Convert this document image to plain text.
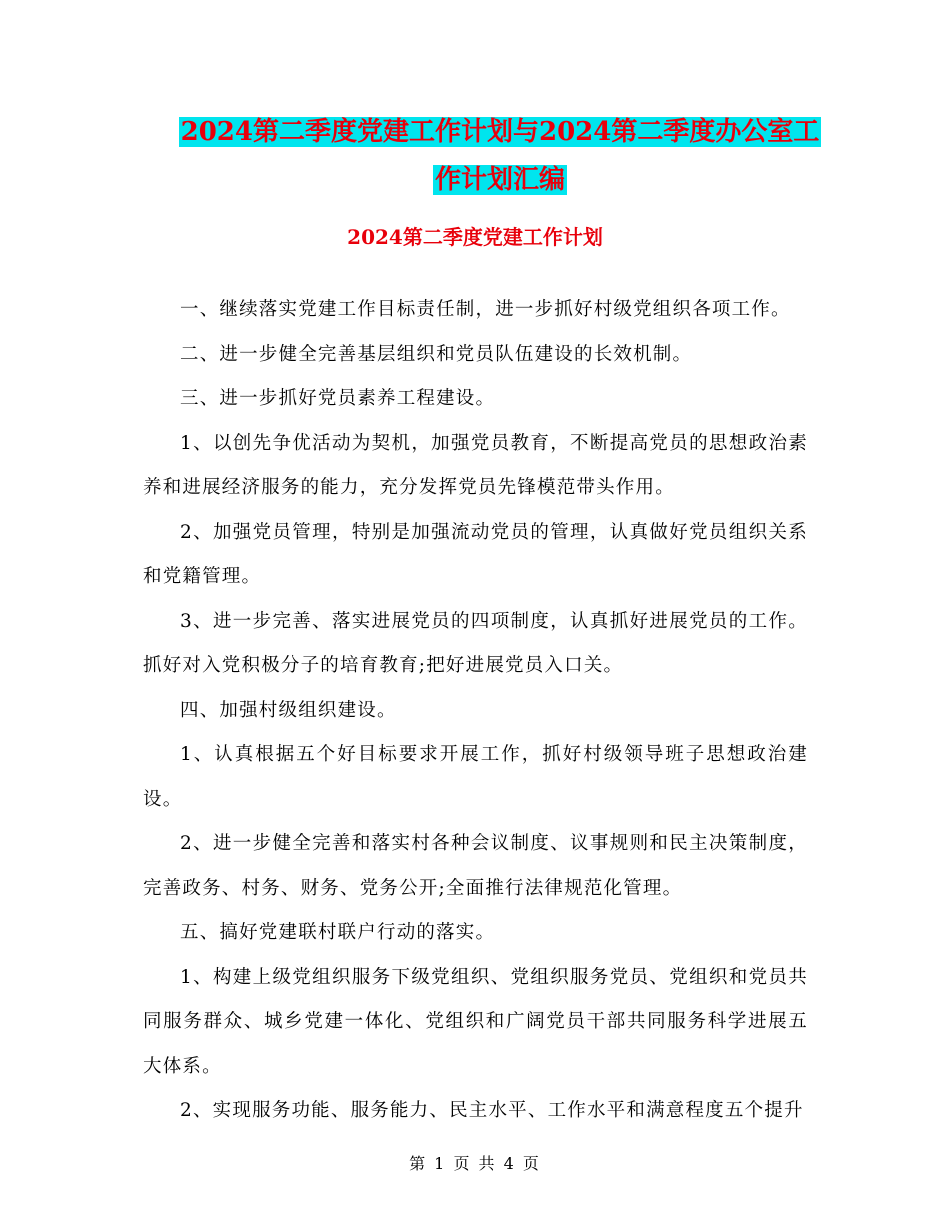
2024第二季度党建工作计划与2024第二季度办公室工
作计划汇编
2024第二季度党建工作计划

一、继续落实党建工作目标责任制，进一步抓好村级党组织各项工作。

二、进一步健全完善基层组织和党员队伍建设的长效机制。

三、进一步抓好党员素养工程建设。

1、以创先争优活动为契机，加强党员教育，不断提高党员的思想政治素养和进展经济服务的能力，充分发挥党员先锋模范带头作用。

2、加强党员管理，特别是加强流动党员的管理，认真做好党员组织关系和党籍管理。

3、进一步完善、落实进展党员的四项制度，认真抓好进展党员的工作。抓好对入党积极分子的培育教育;把好进展党员入口关。

四、加强村级组织建设。

1、认真根据五个好目标要求开展工作，抓好村级领导班子思想政治建设。

2、进一步健全完善和落实村各种会议制度、议事规则和民主决策制度，完善政务、村务、财务、党务公开;全面推行法律规范化管理。

五、搞好党建联村联户行动的落实。

1、构建上级党组织服务下级党组织、党组织服务党员、党组织和党员共同服务群众、城乡党建一体化、党组织和广阔党员干部共同服务科学进展五大体系。

2、实现服务功能、服务能力、民主水平、工作水平和满意程度五个提升

第 1 页 共 4 页
